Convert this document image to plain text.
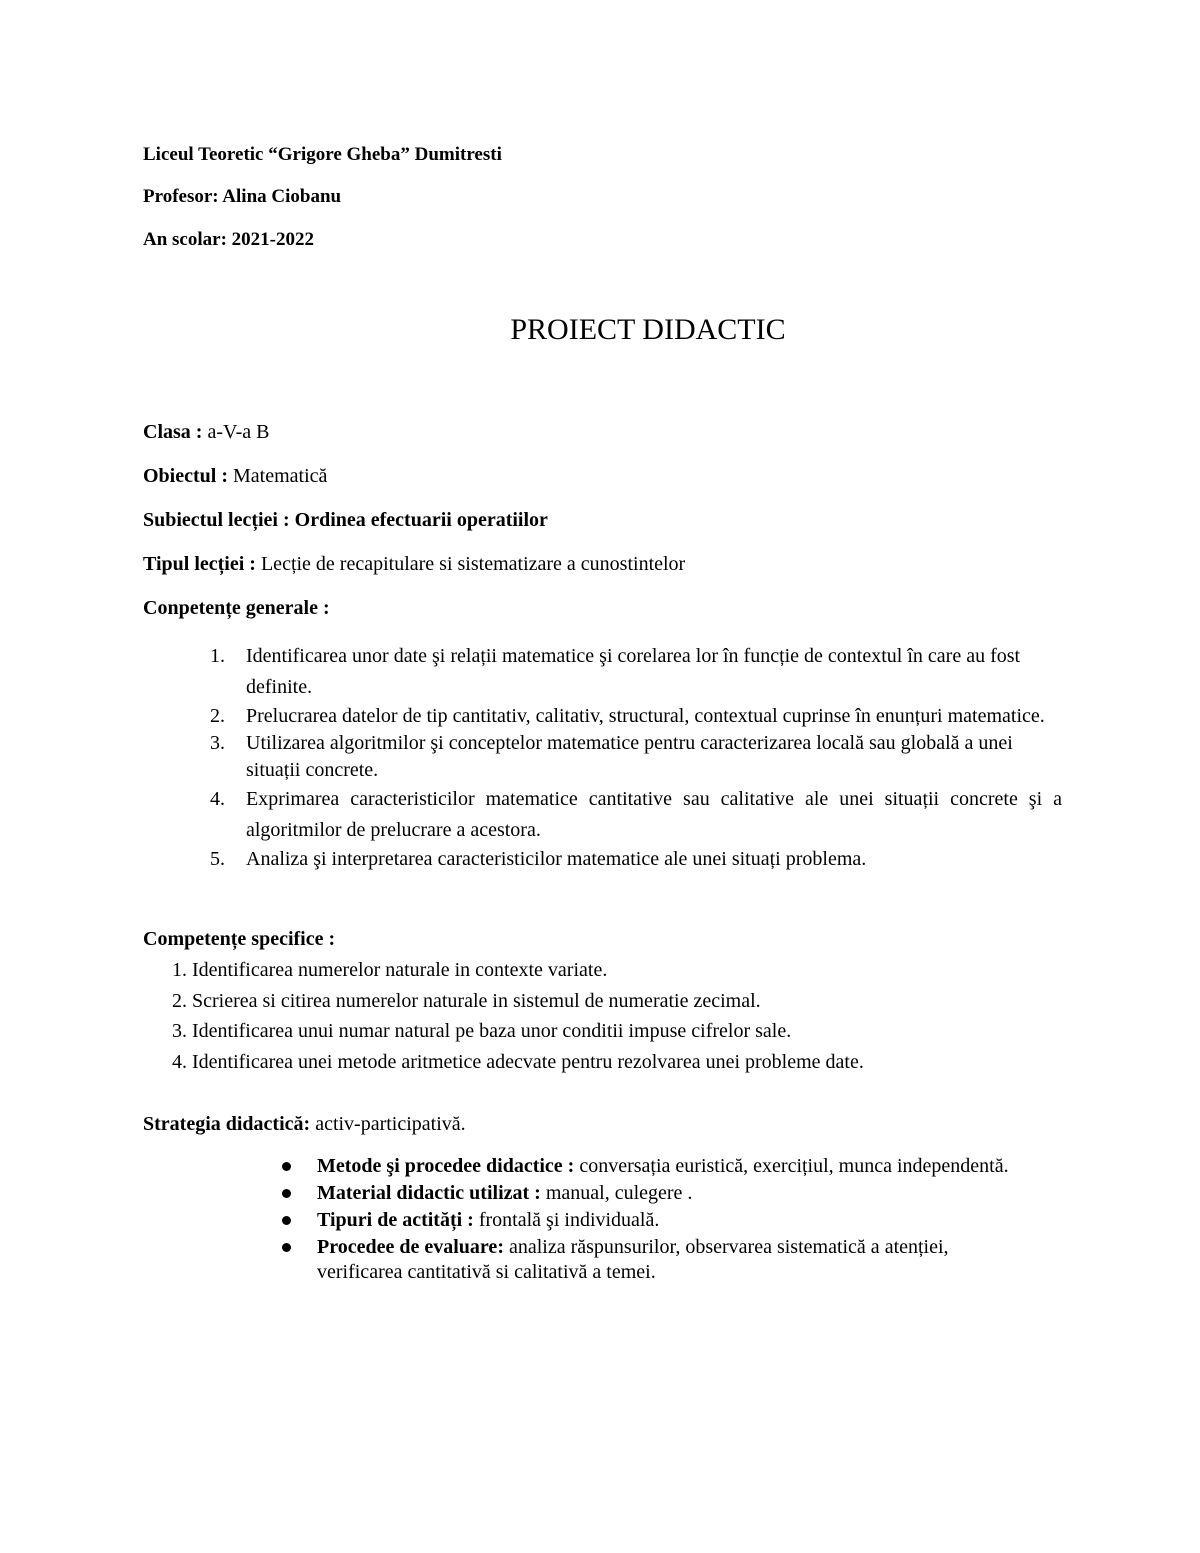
Liceul Teoretic “Grigore Gheba” Dumitresti
Profesor: Alina Ciobanu
An scolar: 2021-2022
PROIECT DIDACTIC
Clasa : a-V-a B
Obiectul : Matematică
Subiectul lecției : Ordinea efectuarii operatiilor
Tipul lecției : Lecție de recapitulare si sistematizare a cunostintelor
Conpetențe generale :
1. Identificarea unor date şi relații matematice şi corelarea lor în funcție de contextul în care au fost definite.
2. Prelucrarea datelor de tip cantitativ, calitativ, structural, contextual cuprinse în enunțuri matematice.
3. Utilizarea algoritmilor şi conceptelor matematice pentru caracterizarea locală sau globală a unei situații concrete.
4. Exprimarea caracteristicilor matematice cantitative sau calitative ale unei situații concrete şi a algoritmilor de prelucrare a acestora.
5. Analiza şi interpretarea caracteristicilor matematice ale unei situați problema.
Competențe specifice :
1. Identificarea numerelor naturale in contexte variate.
2. Scrierea si citirea numerelor naturale in sistemul de numeratie zecimal.
3. Identificarea unui numar natural pe baza unor conditii impuse cifrelor sale.
4. Identificarea unei metode aritmetice adecvate pentru rezolvarea unei probleme date.
Strategia didactică: activ-participativă.
Metode şi procedee didactice : conversația euristică, exercițiul, munca independentă.
Material didactic utilizat : manual, culegere .
Tipuri de actități : frontală şi individuală.
Procedee de evaluare: analiza răspunsurilor, observarea sistematică a atenției, verificarea cantitativă si calitativă a temei.
